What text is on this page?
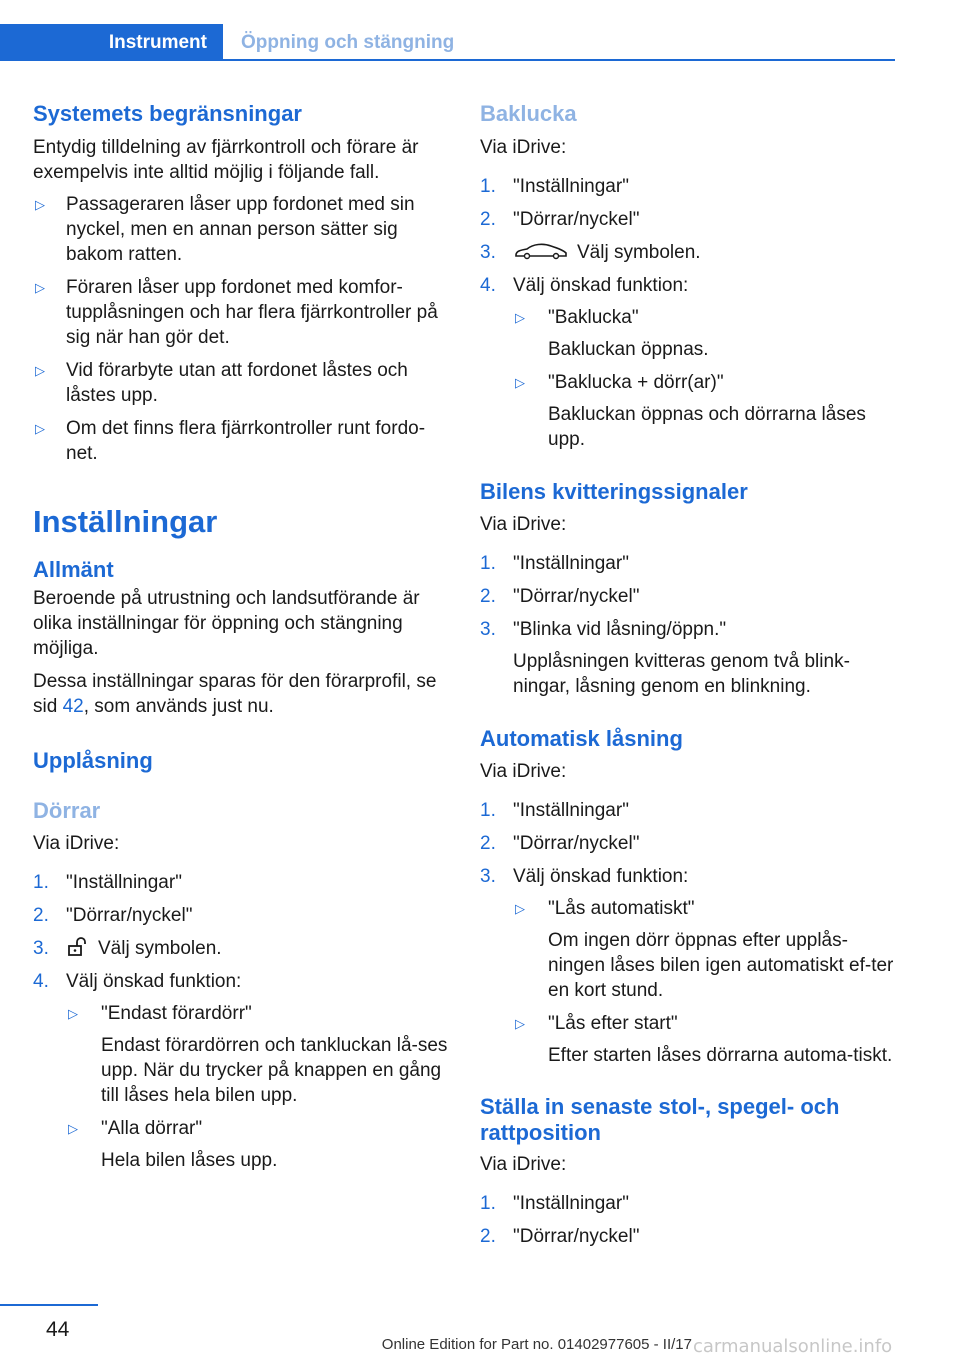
Instrument	Öppning och stängning
Systemets begränsningar

Entydig tilldelning av fjärrkontroll och förare är exempelvis inte alltid möjlig i följande fall.

▷ Passageraren låser upp fordonet med sin nyckel, men en annan person sätter sig bakom ratten.
▷ Föraren låser upp fordonet med komfor-tupplåsningen och har flera fjärrkontroller på sig när han gör det.
▷ Vid förarbyte utan att fordonet låstes och låstes upp.
▷ Om det finns flera fjärrkontroller runt fordo-net.
Inställningar
Allmänt

Beroende på utrustning och landsutförande är olika inställningar för öppning och stängning möjliga.

Dessa inställningar sparas för den förarprofil, se sid 42, som används just nu.

Upplåsning
Dörrar

Via iDrive:

1. "Inställningar"
2. "Dörrar/nyckel"
3.	Välj symbolen.
4. Välj önskad funktion:
▷ "Endast förardörr"
Endast förardörren och tankluckan lå-ses upp. När du trycker på knappen en gång till låses hela bilen upp.
▷ "Alla dörrar"
Hela bilen låses upp.
Baklucka

Via iDrive:

1. "Inställningar"
2. "Dörrar/nyckel"
3.	Välj symbolen.
4. Välj önskad funktion:
▷ "Baklucka"
Bakluckan öppnas.
▷ "Baklucka + dörr(ar)"
Bakluckan öppnas och dörrarna låses upp.
Bilens kvitteringssignaler

Via iDrive:

1. "Inställningar"
2. "Dörrar/nyckel"
3. "Blinka vid låsning/öppn."
Upplåsningen kvitteras genom två blink-ningar, låsning genom en blinkning.
Automatisk låsning

Via iDrive:

1. "Inställningar"
2. "Dörrar/nyckel"
3. Välj önskad funktion:
▷ "Lås automatiskt"
Om ingen dörr öppnas efter upplås-ningen låses bilen igen automatiskt ef-ter en kort stund.
▷ "Lås efter start"
Efter starten låses dörrarna automa-tiskt.
Ställa in senaste stol-, spegel- och rattposition

Via iDrive:

1. "Inställningar"
2. "Dörrar/nyckel"
44
Online Edition for Part no. 01402977605 - II/17 carmanualsonline.info
